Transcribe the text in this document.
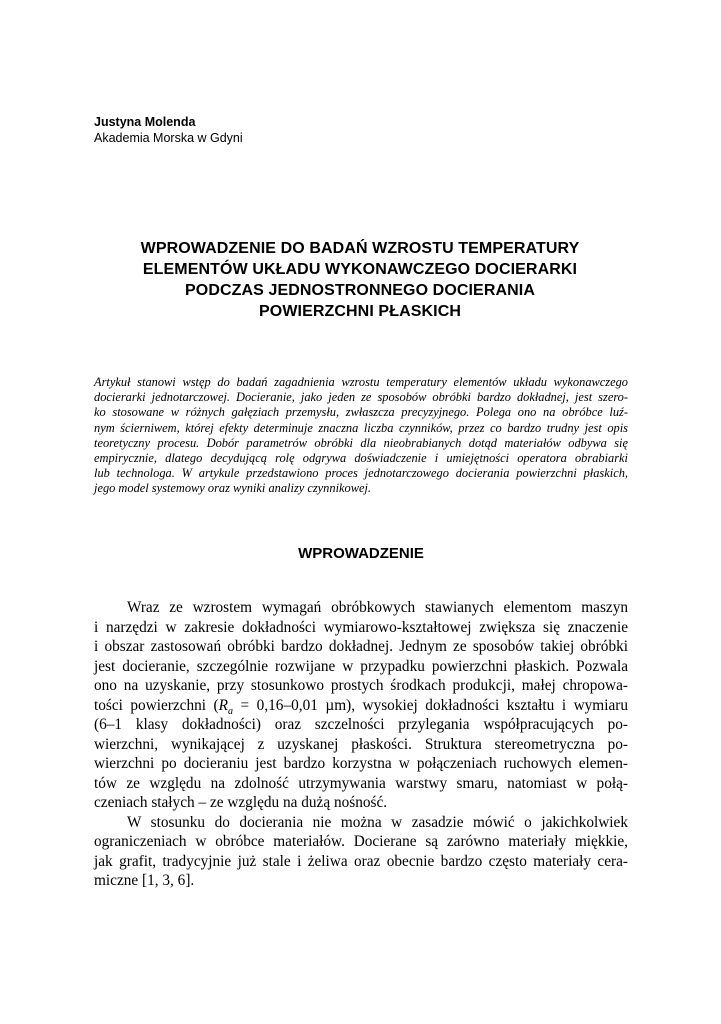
Justyna Molenda
Akademia Morska w Gdyni
WPROWADZENIE DO BADAŃ WZROSTU TEMPERATURY
ELEMENTÓW UKŁADU WYKONAWCZEGO DOCIERARKI
PODCZAS JEDNOSTRONNEGO DOCIERANIA
POWIERZCHNI PŁASKICH
Artykuł stanowi wstęp do badań zagadnienia wzrostu temperatury elementów układu wykonawczego
docierarki jednotarczowej. Docieranie, jako jeden ze sposobów obróbki bardzo dokładnej, jest szero-
ko stosowane w różnych gałęziach przemysłu, zwłaszcza precyzyjnego. Polega ono na obróbce luź-
nym ścierniwem, której efekty determinuje znaczna liczba czynników, przez co bardzo trudny jest opis
teoretyczny procesu. Dobór parametrów obróbki dla nieobrabianych dotąd materiałów odbywa się
empirycznie, dlatego decydującą rolę odgrywa doświadczenie i umiejętności operatora obrabiarki
lub technologa. W artykule przedstawiono proces jednotarczowego docierania powierzchni płaskich,
jego model systemowy oraz wyniki analizy czynnikowej.
WPROWADZENIE
Wraz ze wzrostem wymagań obróbkowych stawianych elementom maszyn
i narzędzi w zakresie dokładności wymiarowo-kształtowej zwiększa się znaczenie
i obszar zastosowań obróbki bardzo dokładnej. Jednym ze sposobów takiej obróbki
jest docieranie, szczególnie rozwijane w przypadku powierzchni płaskich. Pozwala
ono na uzyskanie, przy stosunkowo prostych środkach produkcji, małej chropowa-
tości powierzchni ($R_a = 0,16-0,01$ µm), wysokiej dokładności kształtu i wymiaru
(6–1 klasy dokładności) oraz szczelności przylegania współpracujących po-
wierzchni, wynikającej z uzyskanej płaskości. Struktura stereometryczna po-
wierzchni po docieraniu jest bardzo korzystna w połączeniach ruchowych elemen-
tów ze względu na zdolność utrzymywania warstwy smaru, natomiast w połą-
czeniach stałych – ze względu na dużą nośność.
W stosunku do docierania nie można w zasadzie mówić o jakichkolwiek
ograniczeniach w obróbce materiałów. Docierane są zarówno materiały miękkie,
jak grafit, tradycyjnie już stale i żeliwa oraz obecnie bardzo często materiały cera-
miczne [1, 3, 6].
